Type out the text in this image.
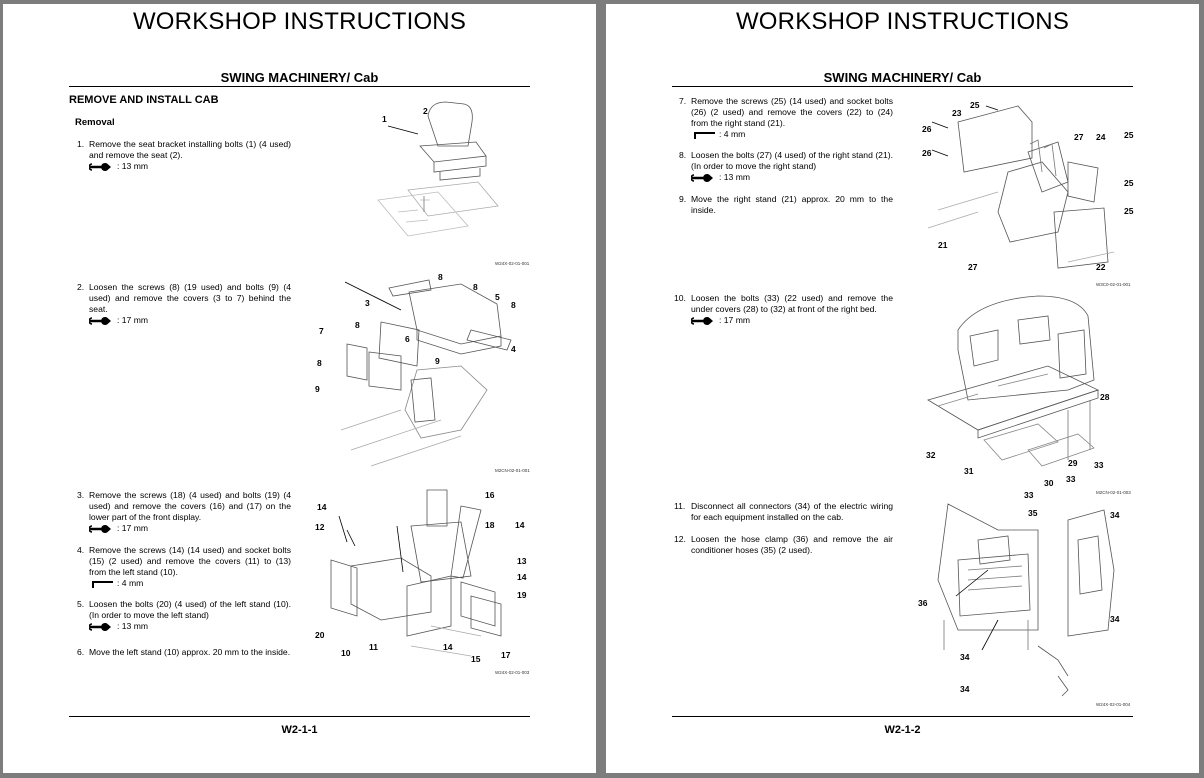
WORKSHOP INSTRUCTIONS
SWING MACHINERY/ Cab
REMOVE AND INSTALL CAB
Removal
1. Remove the seat bracket installing bolts (1) (4 used) and remove the seat (2).
: 13 mm
2. Loosen the screws (8) (19 used) and bolts (9) (4 used) and remove the covers (3 to 7) behind the seat.
: 17 mm
3. Remove the screws (18) (4 used) and bolts (19) (4 used) and remove the covers (16) and (17) on the lower part of the front display.
: 17 mm
4. Remove the screws (14) (14 used) and socket bolts (15) (2 used) and remove the covers (11) to (13) from the left stand (10).
: 4 mm
5. Loosen the bolts (20) (4 used) of the left stand (10). (In order to move the left stand)
: 13 mm
6. Move the left stand (10) approx. 20 mm to the inside.
1
2
W24X-02-01-001
8
3
8
5
8
8
7
6
4
8	9
9
M2CN-02-01-001
14
16
12	18 14
13
14
19
20
14
10
11
15 17
W24X-02-01-003
W2-1-1
WORKSHOP INSTRUCTIONS
SWING MACHINERY/ Cab
7. Remove the screws (25) (14 used) and socket bolts (26) (2 used) and remove the covers (22) to (24) from the right stand (21).
: 4 mm
8. Loosen the bolts (27) (4 used) of the right stand (21). (In order to move the right stand)
: 13 mm
9. Move the right stand (21) approx. 20 mm to the inside.
10. Loosen the bolts (33) (22 used) and remove the under covers (28) to (32) at front of the right bed.
: 17 mm
11. Disconnect all connectors (34) of the electric wiring for each equipment installed on the cab.
12. Loosen the hose clamp (36) and remove the air conditioner hoses (35) (2 used).
25
23
26
26
27 24 25
25
25
21
27	22
W3C0-02-01-001
28
32
31
29 33
33
33
30
M2CN-02-01-003
35	34
36
34
34
34
W24X-02-01-004
W2-1-2
